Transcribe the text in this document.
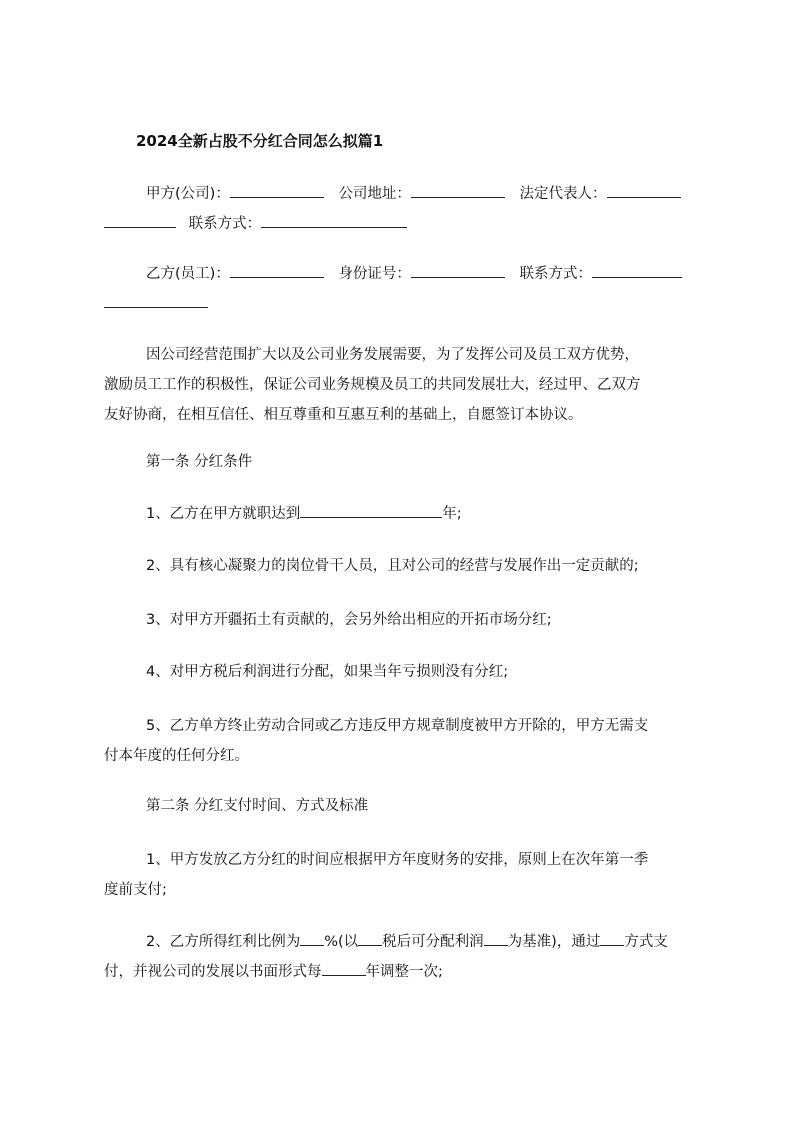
2024全新占股不分红合同怎么拟篇1
甲方(公司)：	公司地址：	法定代表人：
联系方式：
乙方(员工)：	身份证号：	联系方式：
因公司经营范围扩大以及公司业务发展需要，为了发挥公司及员工双方优势，
激励员工工作的积极性，保证公司业务规模及员工的共同发展壮大，经过甲、乙双方
友好协商，在相互信任、相互尊重和互惠互利的基础上，自愿签订本协议。
第一条 分红条件
1、乙方在甲方就职达到	年;
2、具有核心凝聚力的岗位骨干人员，且对公司的经营与发展作出一定贡献的;
3、对甲方开疆拓土有贡献的，会另外给出相应的开拓市场分红;
4、对甲方税后利润进行分配，如果当年亏损则没有分红;
5、乙方单方终止劳动合同或乙方违反甲方规章制度被甲方开除的，甲方无需支
付本年度的任何分红。
第二条 分红支付时间、方式及标准
1、甲方发放乙方分红的时间应根据甲方年度财务的安排，原则上在次年第一季
度前支付;
2、乙方所得红利比例为 %(以 税后可分配利润 为基准)，通过 方式支
付，并视公司的发展以书面形式每	年调整一次;
